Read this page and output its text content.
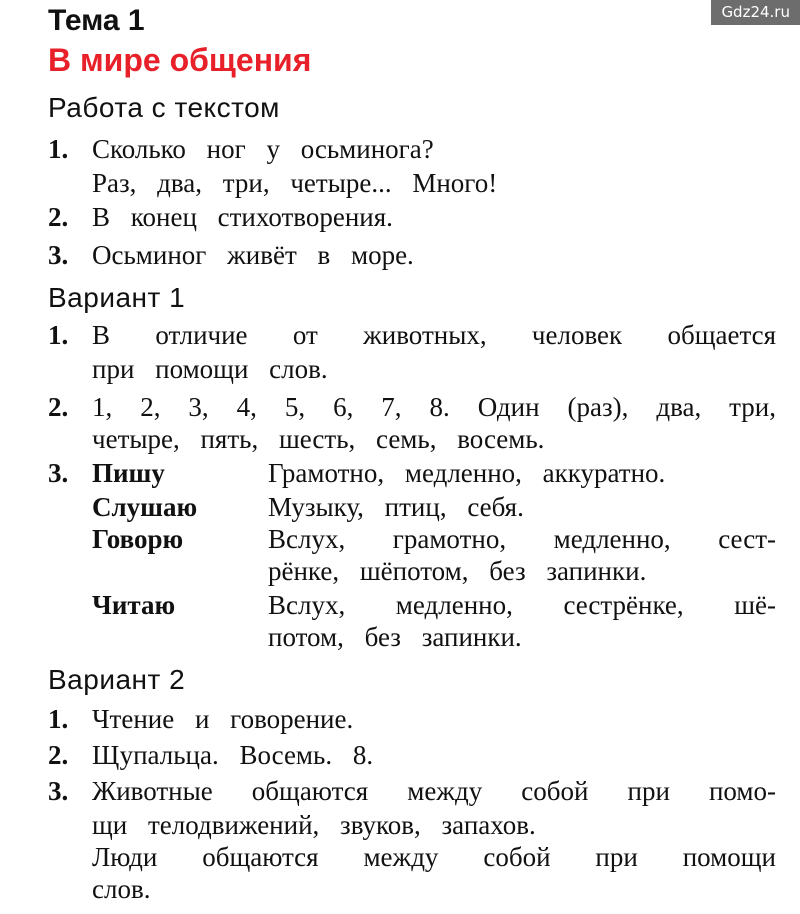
Gdz24.ru
Тема 1
В мире общения
Работа с текстом
1. Сколько ног у осьминога?
Раз, два, три, четыре... Много!
2. В конец стихотворения.
3. Осьминог живёт в море.
Вариант 1
1. В отличие от животных, человек общается
при помощи слов.
2. 1, 2, 3, 4, 5, 6, 7, 8. Один (раз), два, три,
четыре, пять, шесть, семь, восемь.
3. Пишу	Грамотно, медленно, аккуратно.
Слушаю	Музыку, птиц, себя.
Говорю	Вслух, грамотно, медленно, сест-
рёнке, шёпотом, без запинки.
Читаю	Вслух, медленно, сестрёнке, шё-
потом, без запинки.
Вариант 2
1. Чтение и говорение.
2. Щупальца. Восемь. 8.
3. Животные общаются между собой при помо-
щи телодвижений, звуков, запахов.
Люди общаются между собой при помощи
слов.
